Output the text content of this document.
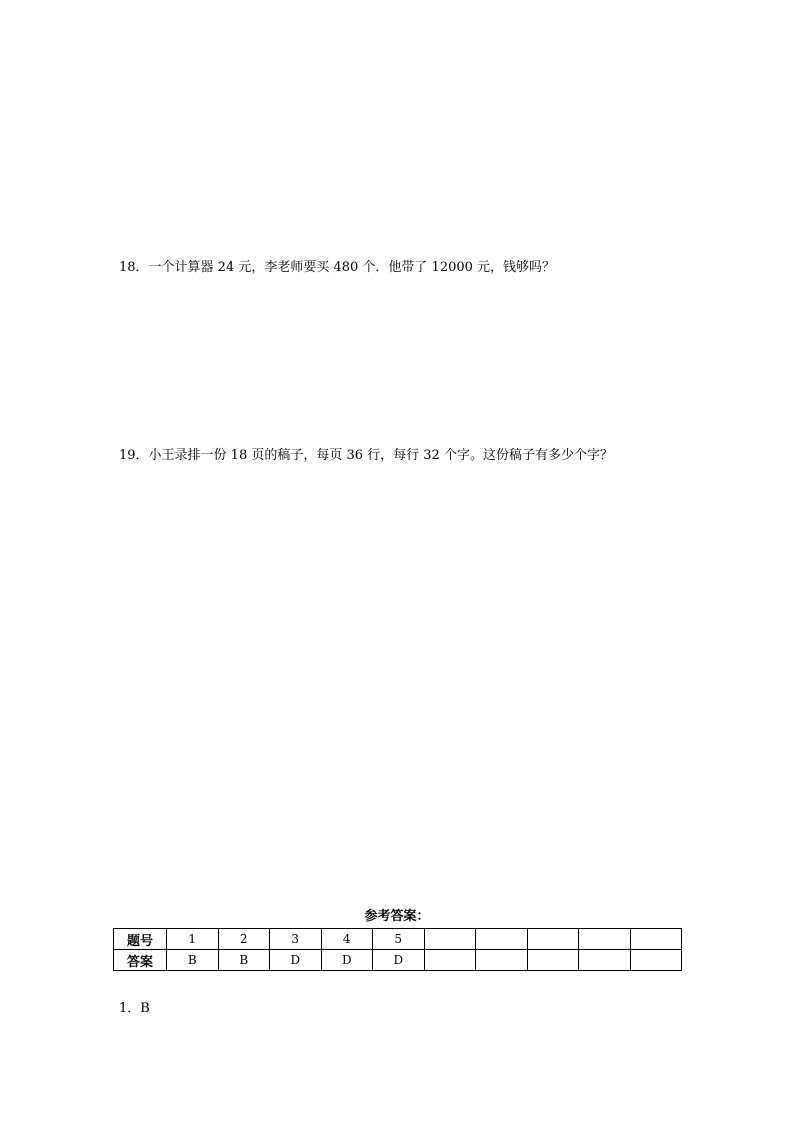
18．一个计算器 24 元，李老师要买 480 个．他带了 12000 元，钱够吗？

19．小王录排一份 18 页的稿子，每页 36 行，每行 32 个字。这份稿子有多少个字？

参考答案：

题号	1	2	3	4	5					
答案	B	B	D	D	D					

1．B
